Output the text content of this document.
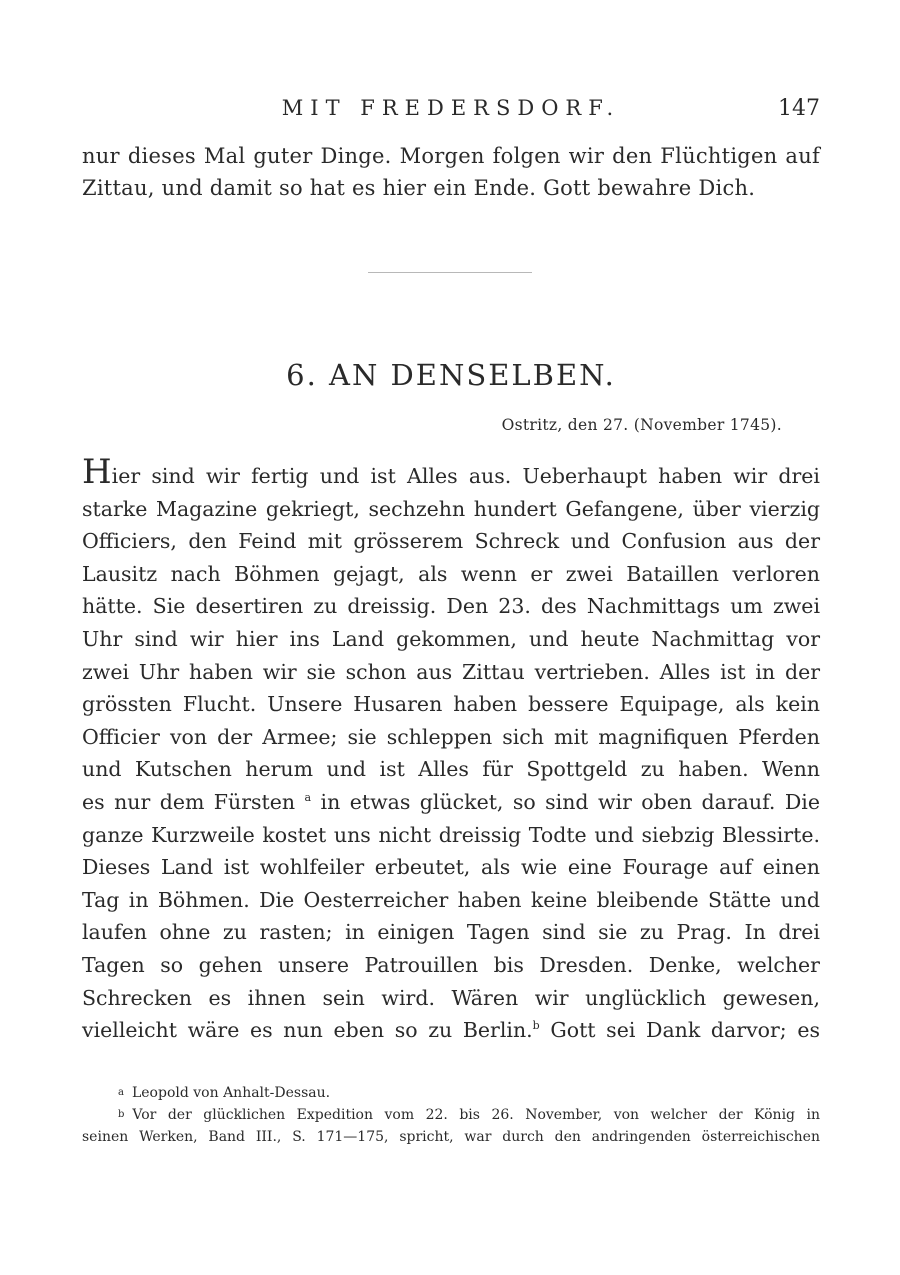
MIT FREDERSDORF.	147
nur dieses Mal guter Dinge. Morgen folgen wir den Flüchtigen auf
Zittau, und damit so hat es hier ein Ende. Gott bewahre Dich.
6. AN DENSELBEN.
Ostritz, den 27. (November 1745).
Hier sind wir fertig und ist Alles aus. Ueberhaupt haben wir drei
starke Magazine gekriegt, sechzehn hundert Gefangene, über vierzig
Officiers, den Feind mit grösserem Schreck und Confusion aus der
Lausitz nach Böhmen gejagt, als wenn er zwei Bataillen verloren
hätte. Sie desertiren zu dreissig. Den 23. des Nachmittags um zwei
Uhr sind wir hier ins Land gekommen, und heute Nachmittag vor
zwei Uhr haben wir sie schon aus Zittau vertrieben. Alles ist in der
grössten Flucht. Unsere Husaren haben bessere Equipage, als kein
Officier von der Armee; sie schleppen sich mit magnifiquen Pferden
und Kutschen herum und ist Alles für Spottgeld zu haben. Wenn
es nur dem Fürsten $^a$ in etwas glücket, so sind wir oben darauf. Die
ganze Kurzweile kostet uns nicht dreissig Todte und siebzig Blessirte.
Dieses Land ist wohlfeiler erbeutet, als wie eine Fourage auf einen
Tag in Böhmen. Die Oesterreicher haben keine bleibende Stätte und
laufen ohne zu rasten; in einigen Tagen sind sie zu Prag. In drei
Tagen so gehen unsere Patrouillen bis Dresden. Denke, welcher
Schrecken es ihnen sein wird. Wären wir unglücklich gewesen,
vielleicht wäre es nun eben so zu Berlin.$^b$ Gott sei Dank darvor; es
a Leopold von Anhalt-Dessau.
b Vor der glücklichen Expedition vom 22. bis 26. November, von welcher der König in
seinen Werken, Band III., S. 171—175, spricht, war durch den andringenden österreichischen
